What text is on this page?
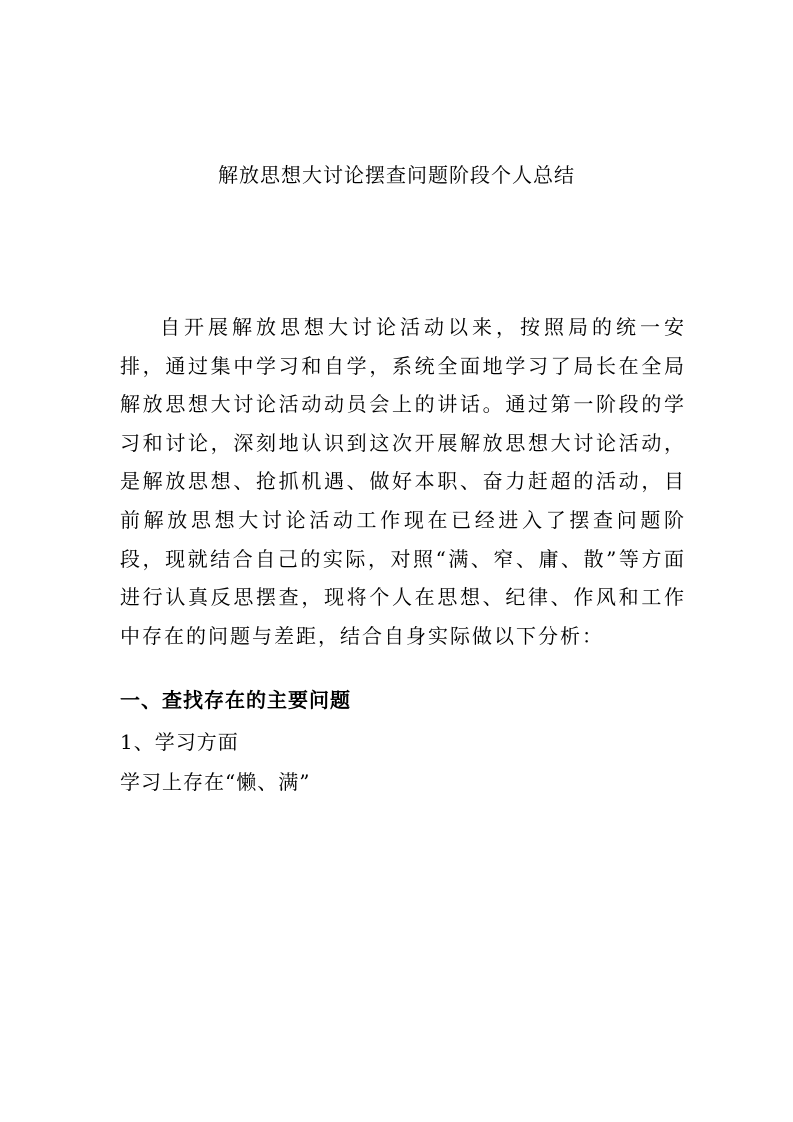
解放思想大讨论摆查问题阶段个人总结
自开展解放思想大讨论活动以来，按照局的统一安排，通过集中学习和自学，系统全面地学习了局长在全局解放思想大讨论活动动员会上的讲话。通过第一阶段的学习和讨论，深刻地认识到这次开展解放思想大讨论活动，是解放思想、抢抓机遇、做好本职、奋力赶超的活动，目前解放思想大讨论活动工作现在已经进入了摆查问题阶段，现就结合自己的实际，对照“满、窄、庸、散”等方面进行认真反思摆查，现将个人在思想、纪律、作风和工作中存在的问题与差距，结合自身实际做以下分析：
一、查找存在的主要问题
1、学习方面
学习上存在“懒、满”
